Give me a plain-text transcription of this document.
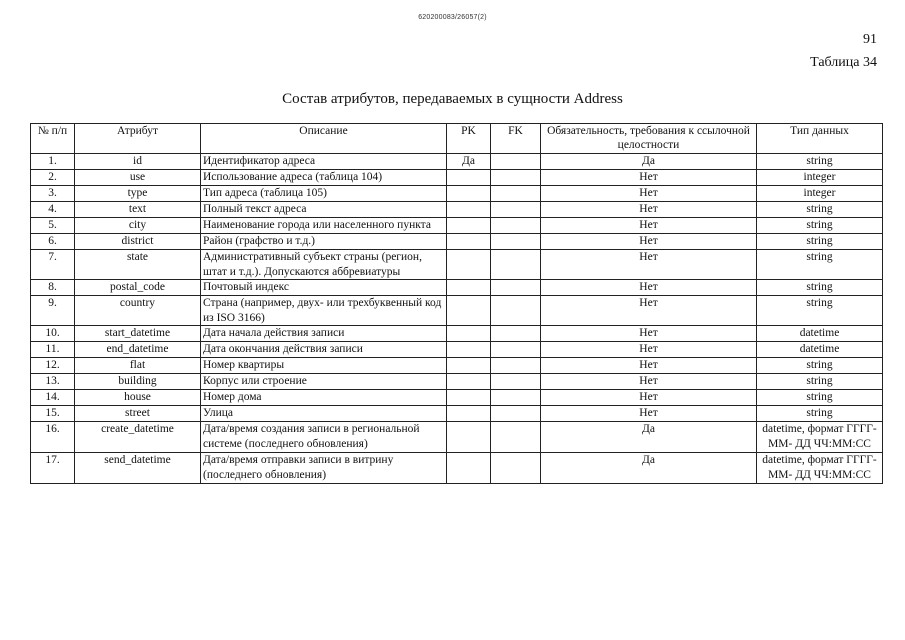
620200083/26057(2)
91
Таблица 34
Состав атрибутов, передаваемых в сущности Address
№ п/п	Атрибут	Описание	PK	FK	Обязательность, требования к ссылочной целостности	Тип данных
1.	id	Идентификатор адреса	Да		Да	string
2.	use	Использование адреса (таблица 104)			Нет	integer
3.	type	Тип адреса (таблица 105)			Нет	integer
4.	text	Полный текст адреса			Нет	string
5.	city	Наименование города или населенного пункта			Нет	string
6.	district	Район (графство и т.д.)			Нет	string
7.	state	Административный субъект страны (регион, штат и т.д.). Допускаются аббревиатуры			Нет	string
8.	postal_code	Почтовый индекс			Нет	string
9.	country	Страна (например, двух- или трехбуквенный код из ISO 3166)			Нет	string
10.	start_datetime	Дата начала действия записи			Нет	datetime
11.	end_datetime	Дата окончания действия записи			Нет	datetime
12.	flat	Номер квартиры			Нет	string
13.	building	Корпус или строение			Нет	string
14.	house	Номер дома			Нет	string
15.	street	Улица			Нет	string
16.	create_datetime	Дата/время создания записи в региональной системе (последнего обновления)			Да	datetime, формат ГГГГ-ММ- ДД ЧЧ:ММ:СС
17.	send_datetime	Дата/время отправки записи в витрину (последнего обновления)			Да	datetime, формат ГГГГ-ММ- ДД ЧЧ:ММ:СС
